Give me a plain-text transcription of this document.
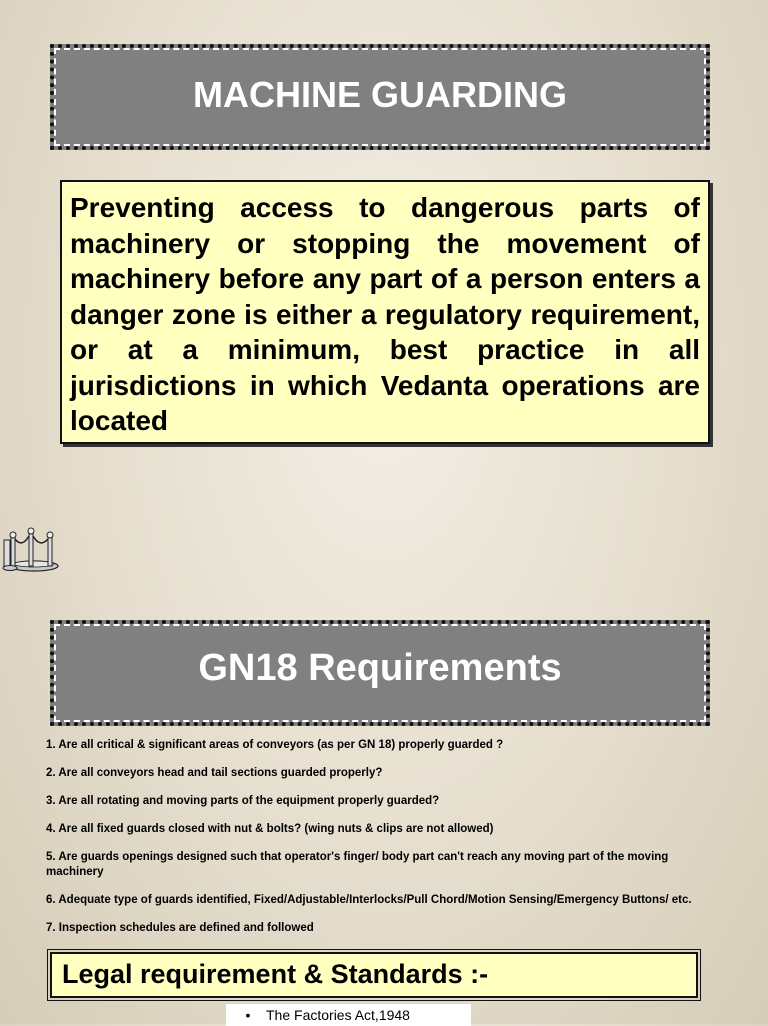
MACHINE GUARDING

Preventing access to dangerous parts of machinery or stopping the movement of machinery before any part of a person enters a danger zone is either a regulatory requirement, or at a minimum, best practice in all jurisdictions in which Vedanta operations are located

GN18 Requirements
1. Are all critical & significant areas of conveyors (as per GN 18) properly guarded ?
2. Are all conveyors head and tail sections guarded properly?
3. Are all rotating and moving parts of the equipment properly guarded?
4. Are all fixed guards closed with nut & bolts? (wing nuts & clips are not allowed)
5. Are guards openings designed such that operator's finger/ body part can't reach any moving part of the moving machinery
6. Adequate type of guards identified, Fixed/Adjustable/Interlocks/Pull Chord/Motion Sensing/Emergency Buttons/ etc.
7. Inspection schedules are defined and followed
Legal requirement & Standards :-
• The Factories Act,1948
